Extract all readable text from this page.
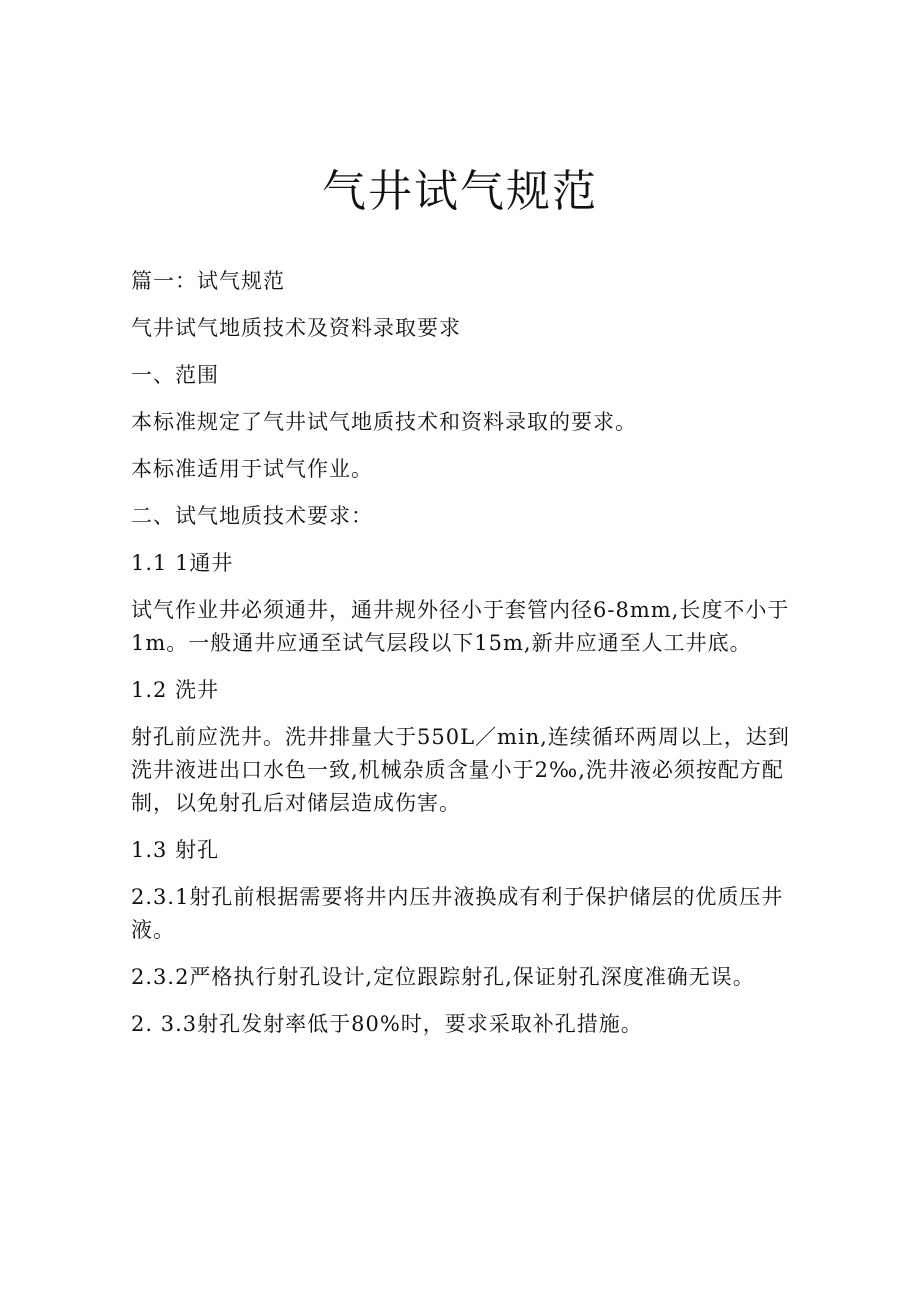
气井试气规范

篇一：试气规范

气井试气地质技术及资料录取要求

一、范围

本标准规定了气井试气地质技术和资料录取的要求。

本标准适用于试气作业。

二、试气地质技术要求：

1.1 1通井

试气作业井必须通井，通井规外径小于套管内径6-8mm,长度不小于1m。一般通井应通至试气层段以下15m,新井应通至人工井底。

1.2 洗井

射孔前应洗井。洗井排量大于550L／min,连续循环两周以上，达到洗井液进出口水色一致,机械杂质含量小于2‰,洗井液必须按配方配制，以免射孔后对储层造成伤害。

1.3 射孔

2.3.1射孔前根据需要将井内压井液换成有利于保护储层的优质压井液。

2.3.2严格执行射孔设计,定位跟踪射孔,保证射孔深度准确无误。

2. 3.3射孔发射率低于80%时，要求采取补孔措施。
